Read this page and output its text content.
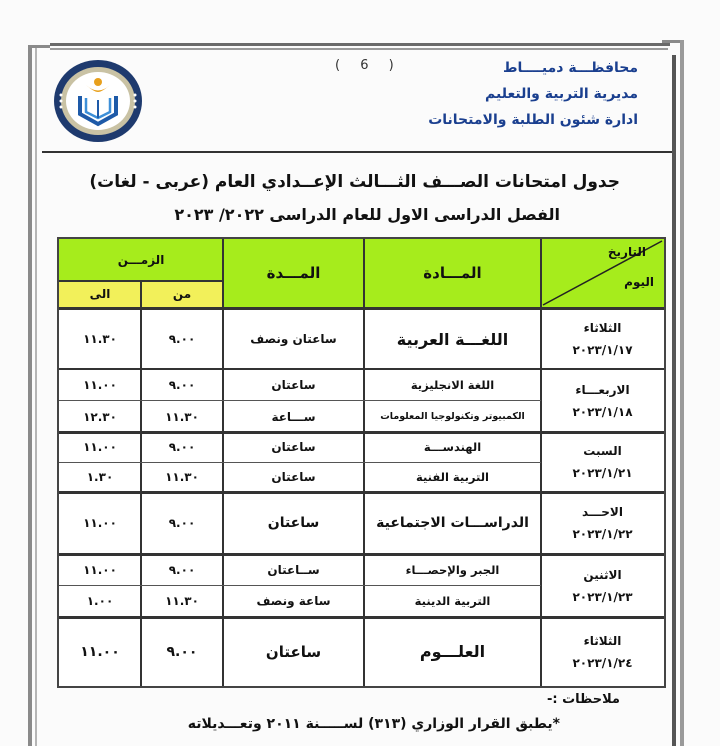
محافظـــة دميــــاط
مديرية التربية والتعليم
ادارة شئون الطلبة والامتحانات
( 6 )
جدول امتحانات الصـــف الثـــالث الإعــدادي العام (عربى - لغات)
الفصل الدراسى الاول للعام الدراسى ٢٠٢٢/ ٢٠٢٣
التاريخ
اليوم
المـــادة
المـــدة
الزمـــن
من
الى
الثلاثاء
٢٠٢٣/١/١٧
الاربعـــاء
٢٠٢٣/١/١٨
السبت
٢٠٢٣/١/٢١
الاحـــد
٢٠٢٣/١/٢٢
الاثنين
٢٠٢٣/١/٢٣
الثلاثاء
٢٠٢٣/١/٢٤
اللغـــة العربية
ساعتان ونصف
٩.٠٠
١١.٣٠
اللغة الانجليزية
ساعتان
٩.٠٠
١١.٠٠
الكمبيوتر وتكنولوجيا المعلومات
ســـاعة
١١.٣٠
١٢.٣٠
الهندســـة
ساعتان
٩.٠٠
١١.٠٠
التربية الفنية
ساعتان
١١.٣٠
١.٣٠
الدراســـات الاجتماعية
ساعتان
٩.٠٠
١١.٠٠
الجبر والإحصـــاء
ســاعتان
٩.٠٠
١١.٠٠
التربية الدينية
ساعة ونصف
١١.٣٠
١.٠٠
العلـــوم
ساعتان
٩.٠٠
١١.٠٠
ملاحظات :-
*يطبق القرار الوزاري (٣١٣) لســـــنة ٢٠١١ وتعـــديلاته
